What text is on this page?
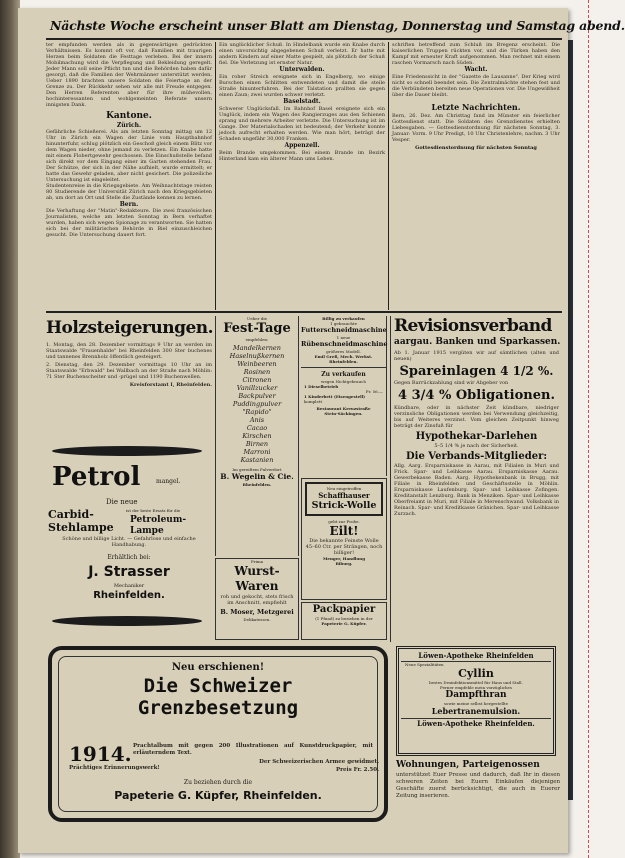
Nächste Woche erscheint unser Blatt am Dienstag, Donnerstag und Samstag abend.
ter empfunden werden als in gegenwärtigen gedrückten Verhältnissen. Es kommt oft vor, daß Familien mit traurigen Herzen beim Soldaten die Festtage verleben. Bei der innern Mobilmachung wird die Verpflegung und Bekleidung geregelt. Jeder Mann soll seine Pflicht tun und die Behörden haben dafür gesorgt, daß die Familien der Wehrmänner unterstützt werden. Ueber 1890 brachten unsere Soldaten die Feiertage an der Grenze zu. Der Rückkehr sehen wir alle mit Freude entgegen. Den Herren Referenten aber für ihre mühevollen, hochinteressanten und wohlgemeinten Referate unsern innigsten Dank.
Kantone.
Zürich.
Gefährliche Schießerei. Als am letzten Sonntag mittag um 12 Uhr in Zürich ein Wagen der Linie vom Hauptbahnhof hinunterfuhr, schlug plötzlich ein Geschoß gleich einem Blitz vor dem Wagen nieder, ohne jemand zu verletzen. Ein Knabe hatte mit einem Flobertgewehr geschossen. Die Einschußstelle befand sich direkt vor dem Eingang einer im Garten stehenden Frau. Der Schütze, der sich in der Nähe aufhielt, wurde ermittelt; er hatte das Gewehr geladen, aber nicht gesichert. Die polizeiliche Untersuchung ist eingeleitet.
Studentenreise in die Kriegsgebiete. Am Weihnachtstage reisten 80 Studierende der Universität Zürich nach den Kriegsgebieten ab, um dort an Ort und Stelle die Zustände kennen zu lernen.
Bern.
Die Verhaftung der "Matin"-Redakteure. Die zwei französischen Journalisten, welche am letzten Sonntag in Bern verhaftet wurden, haben sich wegen Spionage zu verantworten. Sie hatten sich bei der militärischen Behörde in Biel einzuschleichen gesucht. Die Untersuchung dauert fort.
Ein unglücklicher Schuß. In Hindelbank wurde ein Knabe durch einen unvorsichtig abgegebenen Schuß verletzt. Er hatte mit andern Kindern auf einer Matte gespielt, als plötzlich der Schuß fiel. Die Verletzung ist ernster Natur.
Unterwalden.
Ein roher Streich ereignete sich in Engelberg, wo einige Burschen einen Schlitten entwendeten und damit die steile Straße hinunterfuhren. Bei der Talstation prallten sie gegen einen Zaun; zwei wurden schwer verletzt.
Baselstadt.
Schwerer Unglücksfall. Im Bahnhof Basel ereignete sich ein Unglück, indem ein Wagen des Rangierzuges aus den Schienen sprang und mehrere Arbeiter verletzte. Die Untersuchung ist im Gange. Der Materialschaden ist bedeutend; der Verkehr konnte jedoch aufrecht erhalten werden. Wie man hört, beträgt der Schaden ungefähr 30,000 Franken.
Appenzell.
Beim Brande umgekommen. Bei einem Brande im Bezirk Hinterland kam ein älterer Mann ums Leben.
schriften betreffend zum Schluß im Bregenz erscheint. Die kaiserlichen Truppen rückten vor, und die Türken haben den Kampf mit erneuter Kraft aufgenommen. Man rechnet mit einem raschen Vormarsch nach Süden.
Wacht.
Eine Friedenssicht in der "Gazette de Lausanne". Der Krieg wird nicht so schnell beendet sein. Die Zentralmächte stehen fest und die Verbündeten bereiten neue Operationen vor. Die Ungewißheit über die Dauer bleibt.
Letzte Nachrichten.
Bern, 26. Dez. Am Christtag fand im Münster ein feierlicher Gottesdienst statt. Die Soldaten des Grenzdienstes erhielten Liebesgaben. — Gottesdienstordnung für nächsten Sonntag, 3. Januar: Vorm. 9 Uhr Predigt, 10 Uhr Christenlehre, nachm. 3 Uhr Vesper.
Gottesdienstordnung für nächsten Sonntag
Holzsteigerungen.
1. Montag, den 28. Dezember vormittags 9 Uhr an werden im Staatswalde "Frauenhalde" bei Rheinfelden 300 Ster buchenes und tannenes Brennholz öffentlich gesteigert.
2. Dienstag, den 29. Dezember vormittags 10 Uhr an im Staatswalde "Erbwald" bei Wallbach an der Straße nach Möhlin: 71 Ster Buchenscheiter und -prügel und 1190 Buchenwellen.
Kreisforstamt I, Rheinfelden.
Petrol	mangel.
Die neue
Carbid-Stehlampe
ist der beste Ersatz für die
Petroleum-Lampe
Schöne und billige Licht. — Gefahrlose und einfache Handhabung.
Erhältlich bei:
J. Strasser
Mechaniker
Rheinfelden.
Ueber die
Fest-Tage
empfehlen:
Mandelkernen
Haselnußkernen
Weinbeeren
Rosinen
Citronen
Vanillzucker
Backpulver
Puddingpulver
"Rapido"
Anis
Cacao
Kirschen
Birnen
Marroni
Kastanien
Im gereiftem Pulverdort
B. Wegelin & Cie.
Rheinfelden.
Prima
Wurst-Waren
roh und gekocht, stets frisch im Anschnitt, empfiehlt
B. Moser, Metzgerei
Delikatessen.
Billig zu verkaufen
1 gebrauchte
Futterschneidmaschine
1 neue
Rübenschneidmaschine
größeres Modell.
Emil Greß, Mech. Werkst.
Rheinfelden.
Zu verkaufen
wegen Nichtgebrauch
1 Dieselbetrieb
Fr. 56.—
1 Kinderbett (Eisengestell)
komplett
Restaurant Kreuzstraße
Stein-Säckingen.
Neu eingetroffen
Schaffhauser
Strick-Wolle
gebt zur Probe.
Eilt!
Die bekannte Feinste Wolle 45–60 Ctr. per Strängen, noch billiger!
Menger, Handlung
Riburg.
Packpapier
(1 Pfund) zu beziehen in der
Papeterie G. Küpfer.
Revisionsverband
aargau. Banken und Sparkassen.
Ab 1. Januar 1915 vergüten wir auf sämtlichen (alten und neuen)
Spareinlagen 4 1/2 %.
Gegen Barrückzahlung sind wir Abgeber von
4 3/4 % Obligationen.
Kündbare, oder in nächster Zeit kündbare, niedriger verzinsliche Obligationen werden bei Verwendung gleichzeitig, bis auf Weiteres verzinst. Vom gleichen Zeitpunkt hinweg beträgt der Zinsfuß für
Hypothekar-Darlehen
5–5 1/4 % je nach der Sicherheit.
Die Verbands-Mitglieder:
Allg. Aarg. Ersparniskasse in Aarau, mit Filialen in Muri und Frick. Spar- und Leihkasse Aarau. Ersparniskasse Aarau. Gewerbekasse Baden. Aarg. Hypothekenbank in Brugg, mit Filiale in Rheinfelden und Geschäftsstelle in Möhlin. Ersparniskasse Laufenburg. Spar- und Leihkasse Zofingen. Kreditanstalt Lenzburg. Bank in Menziken. Spar- und Leihkasse Oberfreiamt in Muri, mit Filiale in Merenschwand. Volksbank in Reinach. Spar- und Kreditkasse Gränichen. Spar- und Leihkasse Zurzach.
Löwen-Apotheke Rheinfelden
Neue Spezialitäten
Cyllin
bestes Desinfektionsmittel für Haus und Stall.
Ferner empfehle mein vorzügliches
Dampfthran
sowie meine selbst hergestellte
Lebertranemulsion.
Löwen-Apotheke Rheinfelden.
Wohnungen, Parteigenossen
unterstützet Euer Presse und dadurch, daß Ihr in diesen schweren Zeiten bei Euern Einkäufen diejenigen Geschäfte zuerst berücksichtigt, die auch in Euerer Zeitung inserieren.
Neu erschienen!
Die Schweizer
Grenzbesetzung
1914. Prachtalbum mit gegen 200 Illustrationen auf Kunstdruckpapier, mit erläuterndem Text.
Prächtiges Erinnerungswerk!
Der Schweizerischen Armee gewidmet.
Preis Fr. 2.50.
Zu beziehen durch die
Papeterie G. Küpfer, Rheinfelden.
